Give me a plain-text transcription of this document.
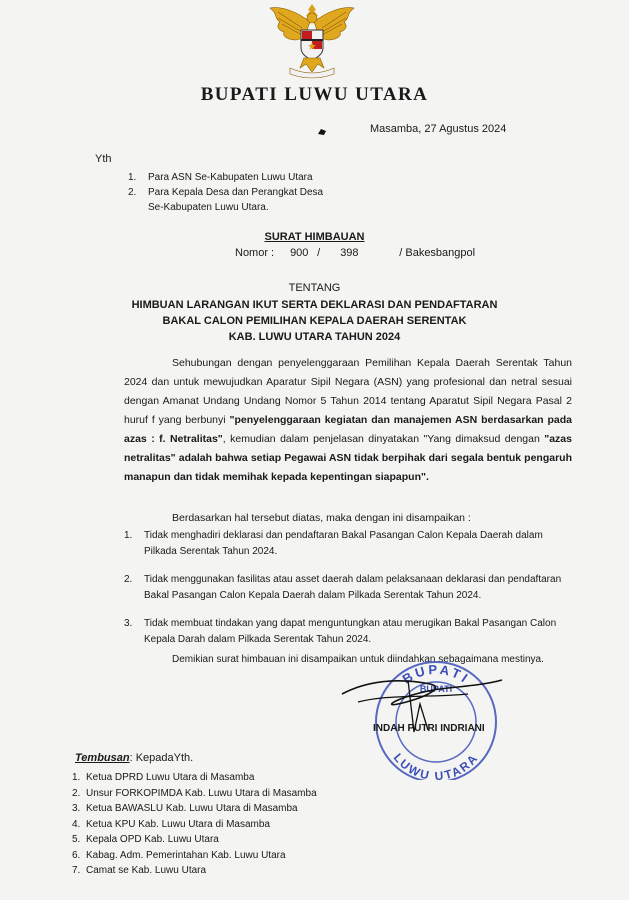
BUPATI LUWU UTARA
Masamba, 27 Agustus 2024
Yth
1.	Para ASN Se-Kabupaten Luwu Utara
2.	Para Kepala Desa dan Perangkat Desa
Se-Kabupaten Luwu Utara.
SURAT HIMBAUAN
Nomor : 900 / 398	/ Bakesbangpol
TENTANG
HIMBUAN LARANGAN IKUT SERTA DEKLARASI DAN PENDAFTARAN
BAKAL CALON PEMILIHAN KEPALA DAERAH SERENTAK
KAB. LUWU UTARA TAHUN 2024

Sehubungan dengan penyelenggaraan Pemilihan Kepala Daerah Serentak Tahun 2024 dan untuk mewujudkan Aparatur Sipil Negara (ASN) yang profesional dan netral sesuai dengan Amanat Undang Undang Nomor 5 Tahun 2014 tentang Aparatut Sipil Negara Pasal 2 huruf f yang berbunyi "penyelenggaraan kegiatan dan manajemen ASN berdasarkan pada azas : f. Netralitas", kemudian dalam penjelasan dinyatakan "Yang dimaksud dengan "azas netralitas" adalah bahwa setiap Pegawai ASN tidak berpihak dari segala bentuk pengaruh manapun dan tidak memihak kepada kepentingan siapapun".

Berdasarkan hal tersebut diatas, maka dengan ini disampaikan :
1.	Tidak menghadiri deklarasi dan pendaftaran Bakal Pasangan Calon Kepala Daerah dalam Pilkada Serentak Tahun 2024.
2.	Tidak menggunakan fasilitas atau asset daerah dalam pelaksanaan deklarasi dan pendaftaran Bakal Pasangan Calon Kepala Daerah dalam Pilkada Serentak Tahun 2024.
3.	Tidak membuat tindakan yang dapat menguntungkan atau merugikan Bakal Pasangan Calon Kepala Darah dalam Pilkada Serentak Tahun 2024.
Demikian surat himbauan ini disampaikan untuk diindahkan sebagaimana mestinya.
BUPATI
BUPATI
LUWU UTARA
INDAH PUTRI INDRIANI
Tembusan: KepadaYth.
1. Ketua DPRD Luwu Utara di Masamba
2. Unsur FORKOPIMDA Kab. Luwu Utara di Masamba
3. Ketua BAWASLU Kab. Luwu Utara di Masamba
4. Ketua KPU Kab. Luwu Utara di Masamba
5. Kepala OPD Kab. Luwu Utara
6. Kabag. Adm. Pemerintahan Kab. Luwu Utara
7. Camat se Kab. Luwu Utara
